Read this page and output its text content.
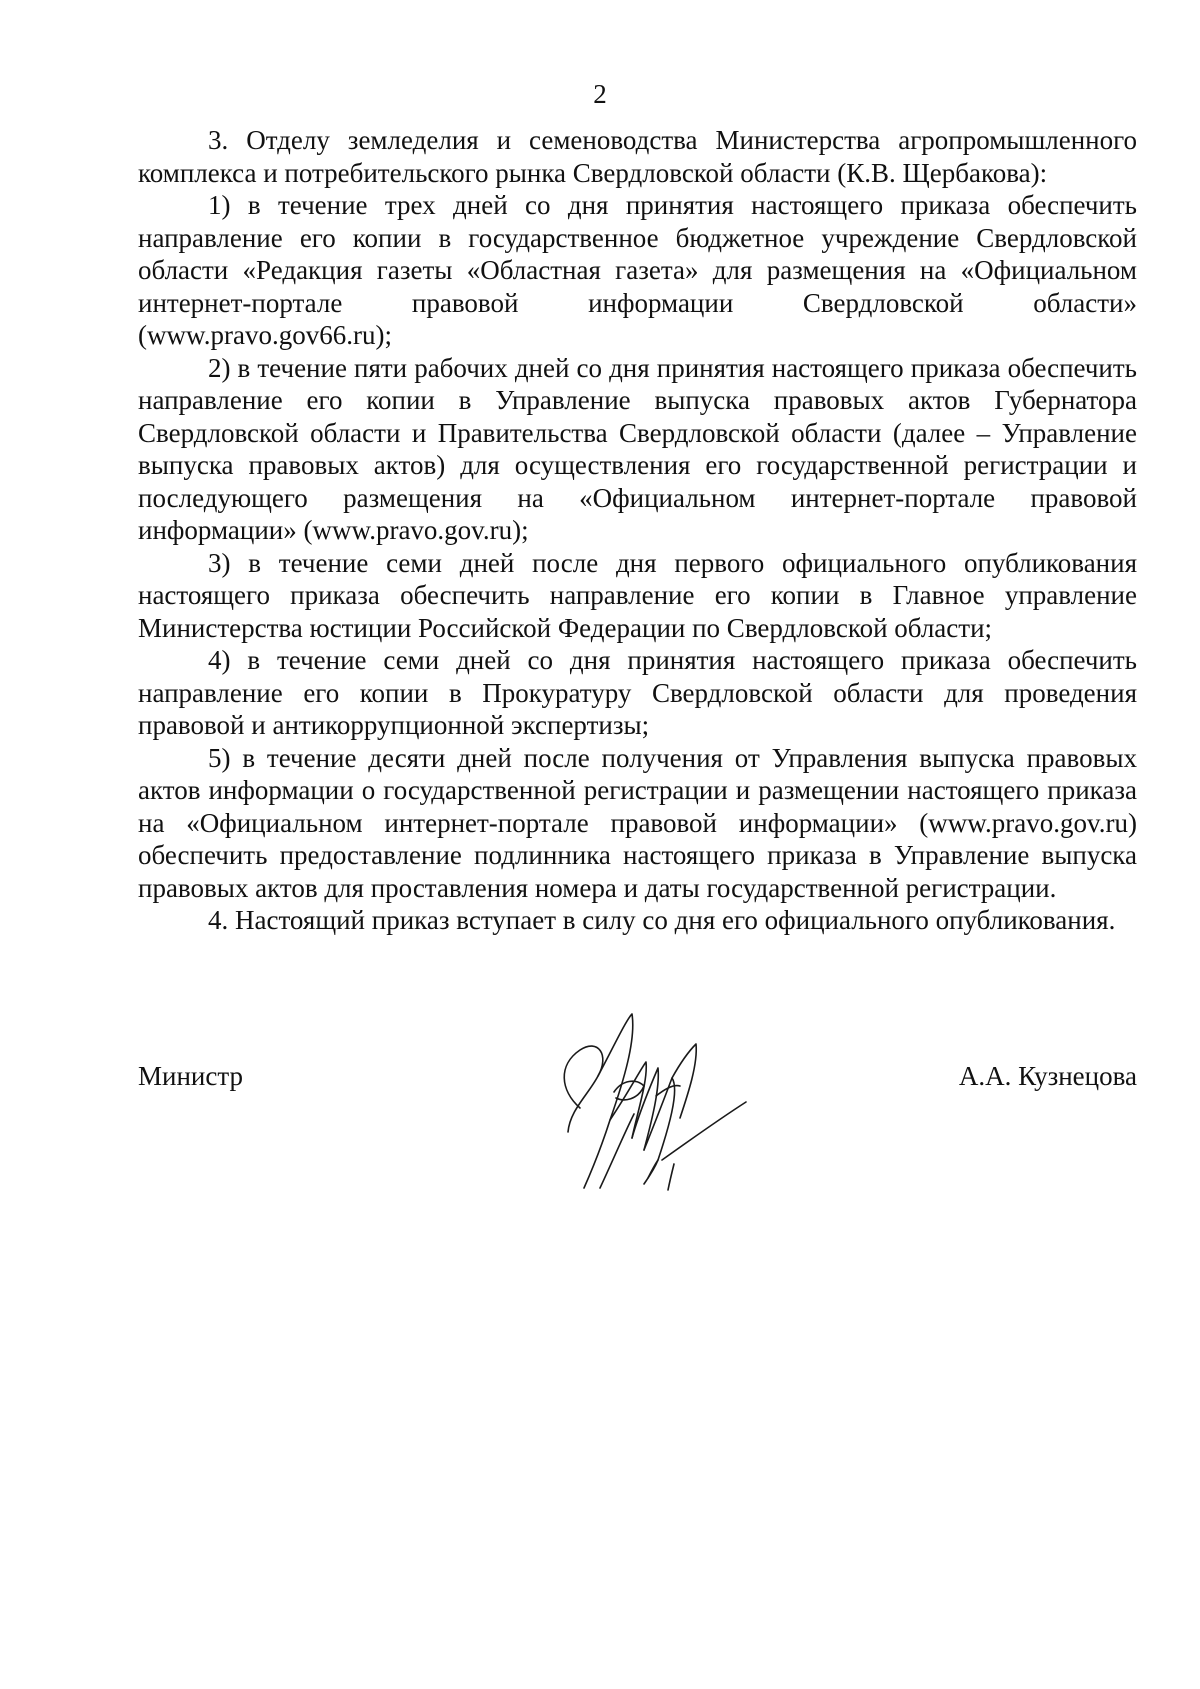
2

3. Отделу земледелия и семеноводства Министерства агропромышленного комплекса и потребительского рынка Свердловской области (К.В. Щербакова):

1) в течение трех дней со дня принятия настоящего приказа обеспечить направление его копии в государственное бюджетное учреждение Свердловской области «Редакция газеты «Областная газета» для размещения на «Официальном интернет-портале правовой информации Свердловской области» (www.pravo.gov66.ru);

2) в течение пяти рабочих дней со дня принятия настоящего приказа обеспечить направление его копии в Управление выпуска правовых актов Губернатора Свердловской области и Правительства Свердловской области (далее – Управление выпуска правовых актов) для осуществления его государственной регистрации и последующего размещения на «Официальном интернет-портале правовой информации» (www.pravo.gov.ru);

3) в течение семи дней после дня первого официального опубликования настоящего приказа обеспечить направление его копии в Главное управление Министерства юстиции Российской Федерации по Свердловской области;

4) в течение семи дней со дня принятия настоящего приказа обеспечить направление его копии в Прокуратуру Свердловской области для проведения правовой и антикоррупционной экспертизы;

5) в течение десяти дней после получения от Управления выпуска правовых актов информации о государственной регистрации и размещении настоящего приказа на «Официальном интернет-портале правовой информации» (www.pravo.gov.ru) обеспечить предоставление подлинника настоящего приказа в Управление выпуска правовых актов для проставления номера и даты государственной регистрации.

4. Настоящий приказ вступает в силу со дня его официального опубликования.

Министр	А.А. Кузнецова
